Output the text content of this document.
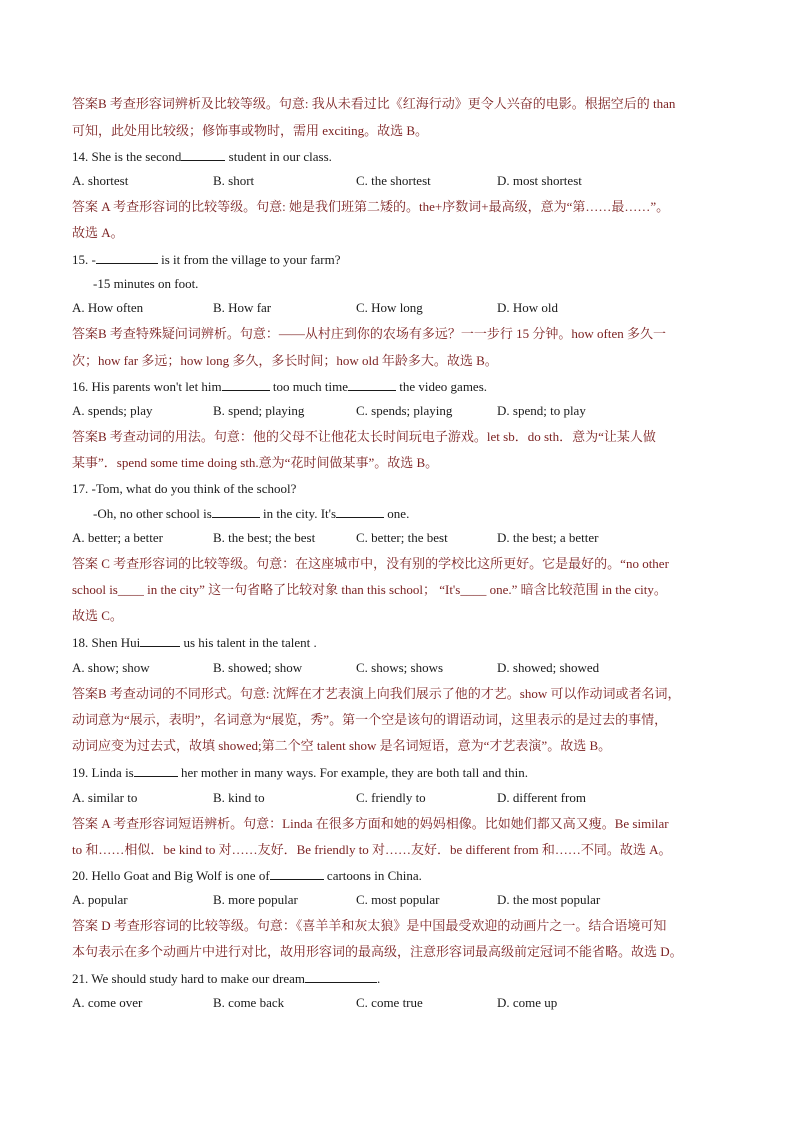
答案B 考查形容词辨析及比较等级。句意: 我从未看过比《红海行动》更令人兴奋的电影。根据空后的 than
可知，此处用比较级；修饰事或物时，需用 exciting。故选 B。
14. She is the second	student in our class.
A. shortest	B. short	C. the shortest	D. most shortest
答案 A 考查形容词的比较等级。句意: 她是我们班第二矮的。the+序数词+最高级，意为“第……最……”。
故选 A。
15. -	is it from the village to your farm?
-15 minutes on foot.
A. How often	B. How far	C. How long	D. How old
答案B 考查特殊疑问词辨析。句意：——从村庄到你的农场有多远？一一步行 15 分钟。how often 多久一
次；how far 多远；how long 多久，多长时间；how old 年龄多大。故选 B。
16. His parents won't let him	too much time	the video games.
A. spends; play	B. spend; playing	C. spends; playing	D. spend; to play
答案B 考查动词的用法。句意：他的父母不让他花太长时间玩电子游戏。let sb．do sth．意为“让某人做
某事”．spend some time doing sth.意为“花时间做某事”。故选 B。
17. -Tom, what do you think of the school?
-Oh, no other school is	in the city. It's	one.
A. better; a better	B. the best; the best	C. better; the best	D. the best; a better
答案 C 考查形容词的比较等级。句意：在这座城市中，没有别的学校比这所更好。它是最好的。“no other
school is____ in the city” 这一句省略了比较对象 than this school； “It's____ one.” 暗含比较范围 in the city。
故选 C。
18. Shen Hui	us his talent in the talent .
A. show; show	B. showed; show	C. shows; shows	D. showed; showed
答案B 考查动词的不同形式。句意: 沈辉在才艺表演上向我们展示了他的才艺。show 可以作动词或者名词，
动词意为“展示，表明”，名词意为“展览，秀”。第一个空是该句的谓语动词，这里表示的是过去的事情，
动词应变为过去式，故填 showed;第二个空 talent show 是名词短语，意为“才艺表演”。故选 B。
19. Linda is	her mother in many ways. For example, they are both tall and thin.
A. similar to	B. kind to	C. friendly to	D. different from
答案 A 考查形容词短语辨析。句意：Linda 在很多方面和她的妈妈相像。比如她们都又高又瘦。Be similar
to 和……相似．be kind to 对……友好．Be friendly to 对……友好．be different from 和……不同。故选 A。
20. Hello Goat and Big Wolf is one of	cartoons in China.
A. popular	B. more popular	C. most popular	D. the most popular
答案 D 考查形容词的比较等级。句意：《喜羊羊和灰太狼》是中国最受欢迎的动画片之一。结合语境可知
本句表示在多个动画片中进行对比，故用形容词的最高级，注意形容词最高级前定冠词不能省略。故选 D。
21. We should study hard to make our dream	.
A. come over	B. come back	C. come true	D. come up
